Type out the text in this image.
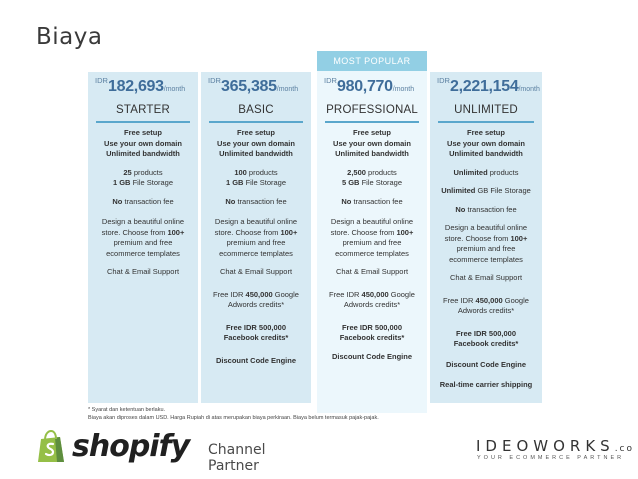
Biaya
IDR 182,693/month
STARTER
Free setup
Use your own domain
Unlimited bandwidth
25 products
1 GB File Storage
No transaction fee
Design a beautiful online
store. Choose from 100+
premium and free
ecommerce templates
Chat & Email Support
IDR 365,385/month
BASIC
Free setup
Use your own domain
Unlimited bandwidth
100 products
1 GB File Storage
No transaction fee
Design a beautiful online
store. Choose from 100+
premium and free
ecommerce templates
Chat & Email Support
Free IDR 450,000 Google
Adwords credits*
Free IDR 500,000
Facebook credits*
Discount Code Engine
MOST POPULAR
IDR 980,770/month
PROFESSIONAL
Free setup
Use your own domain
Unlimited bandwidth
2,500 products
5 GB File Storage
No transaction fee
Design a beautiful online
store. Choose from 100+
premium and free
ecommerce templates
Chat & Email Support
Free IDR 450,000 Google
Adwords credits*
Free IDR 500,000
Facebook credits*
Discount Code Engine
IDR 2,221,154/month
UNLIMITED
Free setup
Use your own domain
Unlimited bandwidth
Unlimited products
Unlimited GB File Storage
No transaction fee
Design a beautiful online
store. Choose from 100+
premium and free
ecommerce templates
Chat & Email Support
Free IDR 450,000 Google
Adwords credits*
Free IDR 500,000
Facebook credits*
Discount Code Engine
Real-time carrier shipping
* Syarat dan ketentuan berlaku.
Biaya akan diproses dalam USD. Harga Rupiah di atas merupakan biaya perkiraan. Biaya belum termasuk pajak-pajak.
shopify Channel Partner
IDEOWORKS.co
YOUR ECOMMERCE PARTNER
